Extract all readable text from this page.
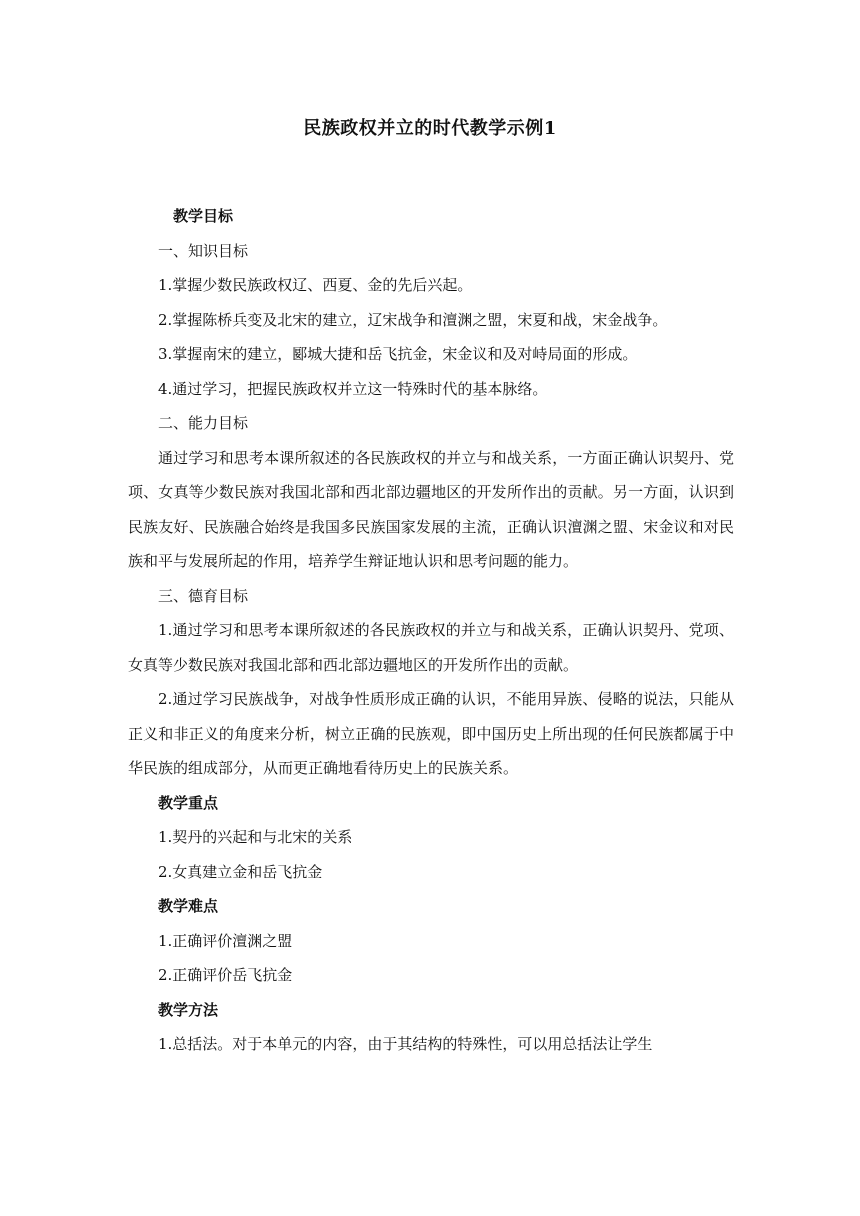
民族政权并立的时代教学示例1

教学目标

一、知识目标

1.掌握少数民族政权辽、西夏、金的先后兴起。

2.掌握陈桥兵变及北宋的建立，辽宋战争和澶渊之盟，宋夏和战，宋金战争。

3.掌握南宋的建立，郾城大捷和岳飞抗金，宋金议和及对峙局面的形成。

4.通过学习，把握民族政权并立这一特殊时代的基本脉络。

二、能力目标

通过学习和思考本课所叙述的各民族政权的并立与和战关系，一方面正确认识契丹、党项、女真等少数民族对我国北部和西北部边疆地区的开发所作出的贡献。另一方面，认识到民族友好、民族融合始终是我国多民族国家发展的主流，正确认识澶渊之盟、宋金议和对民族和平与发展所起的作用，培养学生辩证地认识和思考问题的能力。

三、德育目标

1.通过学习和思考本课所叙述的各民族政权的并立与和战关系，正确认识契丹、党项、女真等少数民族对我国北部和西北部边疆地区的开发所作出的贡献。

2.通过学习民族战争，对战争性质形成正确的认识，不能用异族、侵略的说法，只能从正义和非正义的角度来分析，树立正确的民族观，即中国历史上所出现的任何民族都属于中华民族的组成部分，从而更正确地看待历史上的民族关系。

教学重点

1.契丹的兴起和与北宋的关系

2.女真建立金和岳飞抗金

教学难点

1.正确评价澶渊之盟

2.正确评价岳飞抗金

教学方法

1.总括法。对于本单元的内容，由于其结构的特殊性，可以用总括法让学生
